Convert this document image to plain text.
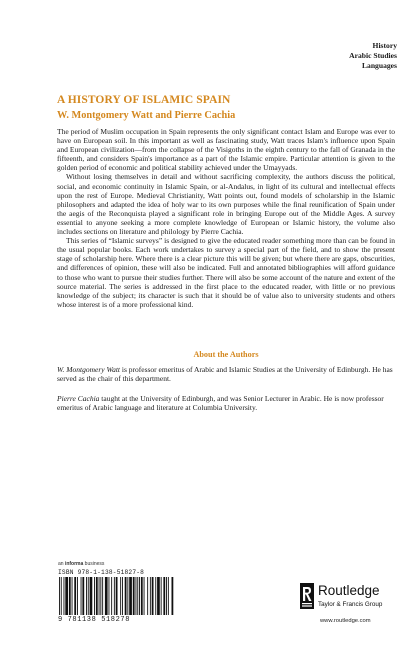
History
Arabic Studies
Languages
A HISTORY OF ISLAMIC SPAIN
W. Montgomery Watt and Pierre Cachia

The period of Muslim occupation in Spain represents the only significant contact Islam and Europe was ever to have on European soil. In this important as well as fascinating study, Watt traces Islam's influence upon Spain and European civilization—from the collapse of the Visigoths in the eighth century to the fall of Granada in the fifteenth, and considers Spain's importance as a part of the Islamic empire. Particular attention is given to the golden period of economic and political stability achieved under the Umayyads.

Without losing themselves in detail and without sacrificing complexity, the authors discuss the political, social, and economic continuity in Islamic Spain, or al-Andalus, in light of its cultural and intellectual effects upon the rest of Europe. Medieval Christianity, Watt points out, found models of scholarship in the Islamic philosophers and adapted the idea of holy war to its own purposes while the final reunification of Spain under the aegis of the Reconquista played a significant role in bringing Europe out of the Middle Ages. A survey essential to anyone seeking a more complete knowledge of European or Islamic history, the volume also includes sections on literature and philology by Pierre Cachia.

This series of “Islamic surveys” is designed to give the educated reader something more than can be found in the usual popular books. Each work undertakes to survey a special part of the field, and to show the present stage of scholarship here. Where there is a clear picture this will be given; but where there are gaps, obscurities, and differences of opinion, these will also be indicated. Full and annotated bibliographies will afford guidance to those who want to pursue their studies further. There will also be some account of the nature and extent of the source material. The series is addressed in the first place to the educated reader, with little or no previous knowledge of the subject; its character is such that it should be of value also to university students and others whose interest is of a more professional kind.

About the Authors

W. Montgomery Watt is professor emeritus of Arabic and Islamic Studies at the University of Edinburgh. He has served as the chair of this department.

Pierre Cachia taught at the University of Edinburgh, and was Senior Lecturer in Arabic. He is now professor emeritus of Arabic language and literature at Columbia University.

an informa business
ISBN 978-1-138-51827-8
9 781138 518278
Routledge
Taylor & Francis Group
www.routledge.com
